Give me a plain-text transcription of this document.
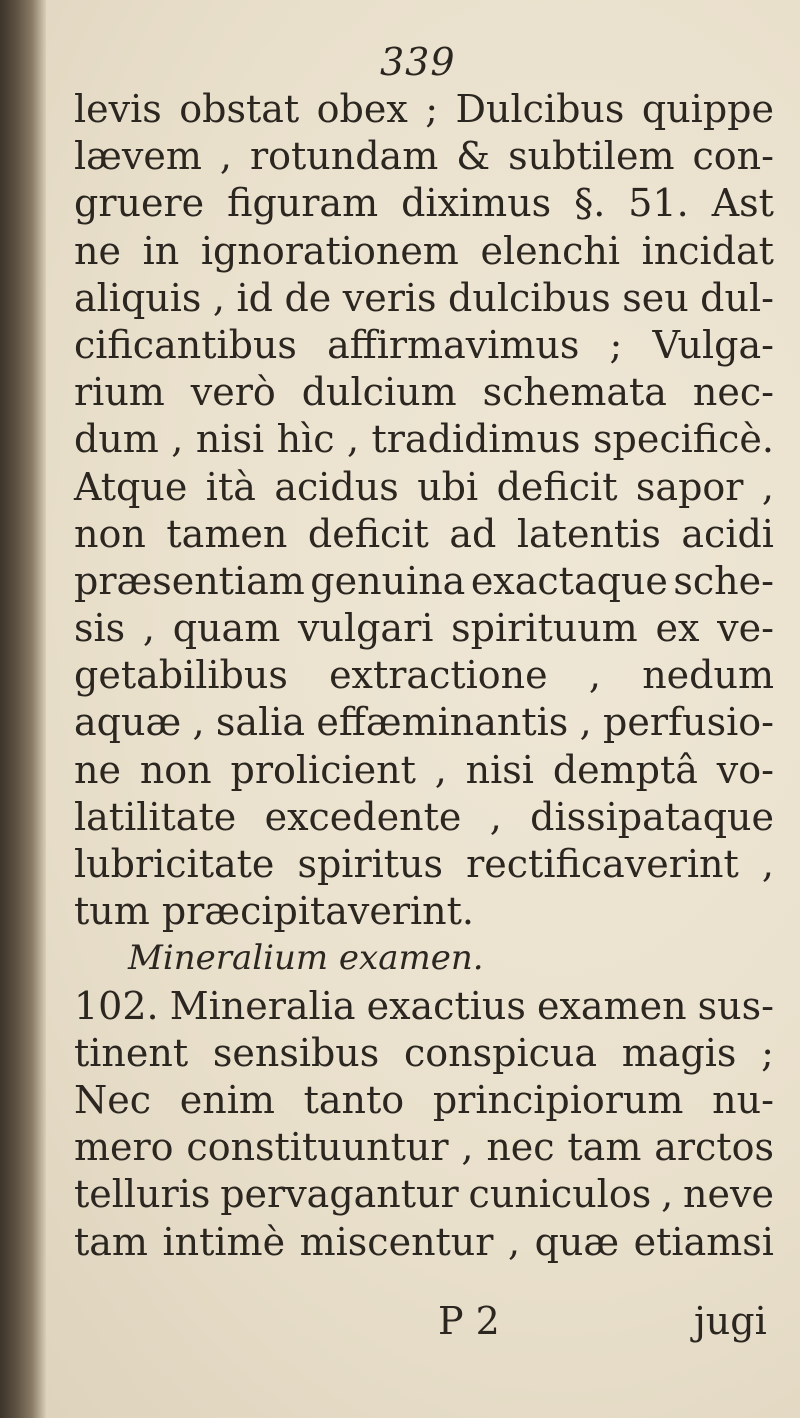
339
levis obstat obex ; Dulcibus quippe
lævem , rotundam & subtilem con-
gruere figuram diximus §. 51. Ast
ne in ignorationem elenchi incidat
aliquis , id de veris dulcibus seu dul-
cificantibus affirmavimus ; Vulga-
rium verò dulcium schemata nec-
dum , nisi hìc , tradidimus specificè.
Atque ità acidus ubi deficit sapor ,
non tamen deficit ad latentis acidi
præsentiam genuina exactaque sche-
sis , quam vulgari spirituum ex ve-
getabilibus extractione , nedum
aquæ , salia effæminantis , perfusio-
ne non prolicient , nisi demptâ vo-
latilitate excedente , dissipataque
lubricitate spiritus rectificaverint ,
tum præcipitaverint.
Mineralium examen.
102. Mineralia exactius examen sus-
tinent sensibus conspicua magis ;
Nec enim tanto principiorum nu-
mero constituuntur , nec tam arctos
telluris pervagantur cuniculos , neve
tam intimè miscentur , quæ etiamsi
P 2	jugi
